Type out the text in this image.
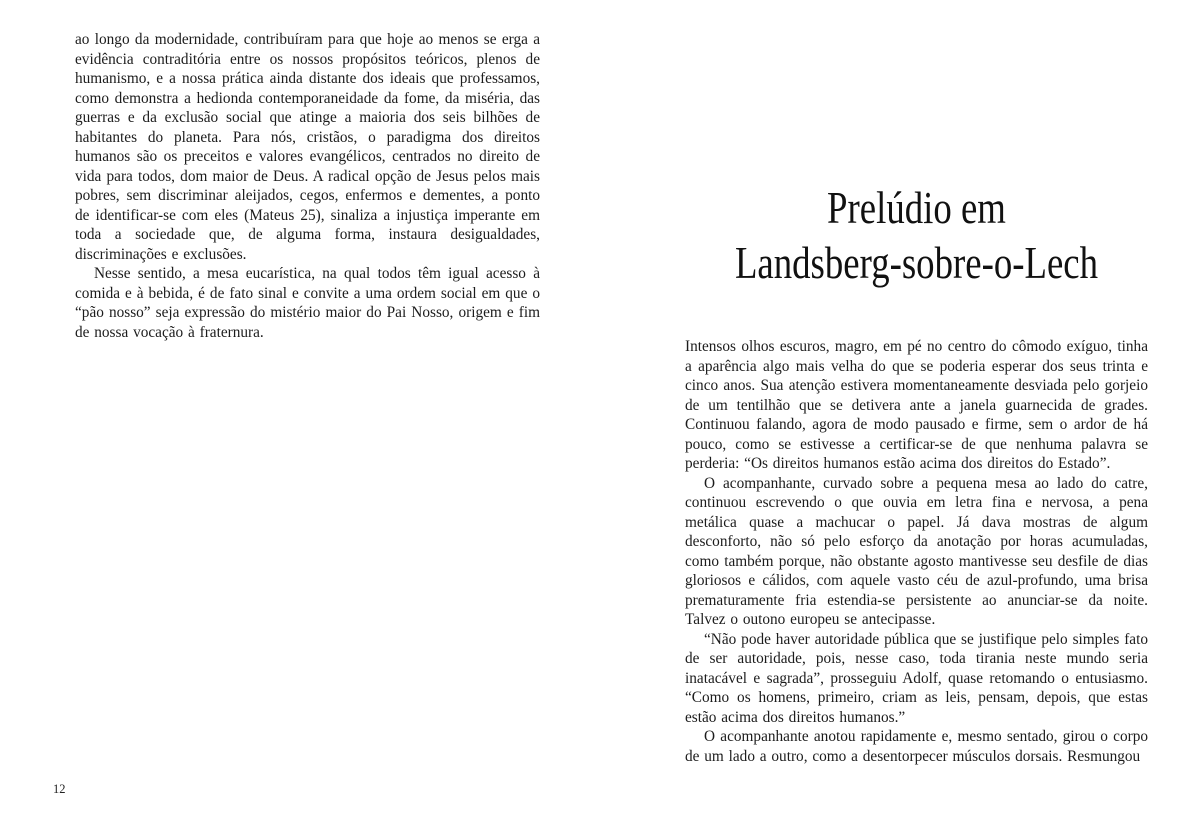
ao longo da modernidade, contribuíram para que hoje ao menos se erga a evidência contraditória entre os nossos propósitos teóricos, plenos de humanismo, e a nossa prática ainda distante dos ideais que professamos, como demonstra a hedionda contemporaneidade da fome, da miséria, das guerras e da exclusão social que atinge a maioria dos seis bilhões de habitantes do planeta. Para nós, cristãos, o paradigma dos direitos humanos são os preceitos e valores evangélicos, centrados no direito de vida para todos, dom maior de Deus. A radical opção de Jesus pelos mais pobres, sem discriminar aleijados, cegos, enfermos e dementes, a ponto de identificar-se com eles (Mateus 25), sinaliza a injustiça imperante em toda a sociedade que, de alguma forma, instaura desigualdades, discriminações e exclusões.

Nesse sentido, a mesa eucarística, na qual todos têm igual acesso à comida e à bebida, é de fato sinal e convite a uma ordem social em que o “pão nosso” seja expressão do mistério maior do Pai Nosso, origem e fim de nossa vocação à fraternura.

12
Prelúdio em
Landsberg-sobre-o-Lech

Intensos olhos escuros, magro, em pé no centro do cômodo exíguo, tinha a aparência algo mais velha do que se poderia esperar dos seus trinta e cinco anos. Sua atenção estivera momentaneamente desviada pelo gorjeio de um tentilhão que se detivera ante a janela guarnecida de grades. Continuou falando, agora de modo pausado e firme, sem o ardor de há pouco, como se estivesse a certificar-se de que nenhuma palavra se perderia: “Os direitos humanos estão acima dos direitos do Estado”.

O acompanhante, curvado sobre a pequena mesa ao lado do catre, continuou escrevendo o que ouvia em letra fina e nervosa, a pena metálica quase a machucar o papel. Já dava mostras de algum desconforto, não só pelo esforço da anotação por horas acumuladas, como também porque, não obstante agosto mantivesse seu desfile de dias gloriosos e cálidos, com aquele vasto céu de azul-profundo, uma brisa prematuramente fria estendia-se persistente ao anunciar-se da noite. Talvez o outono europeu se antecipasse.

“Não pode haver autoridade pública que se justifique pelo simples fato de ser autoridade, pois, nesse caso, toda tirania neste mundo seria inatacável e sagrada”, prosseguiu Adolf, quase retomando o entusiasmo. “Como os homens, primeiro, criam as leis, pensam, depois, que estas estão acima dos direitos humanos.”

O acompanhante anotou rapidamente e, mesmo sentado, girou o corpo de um lado a outro, como a desentorpecer músculos dorsais. Resmungou
